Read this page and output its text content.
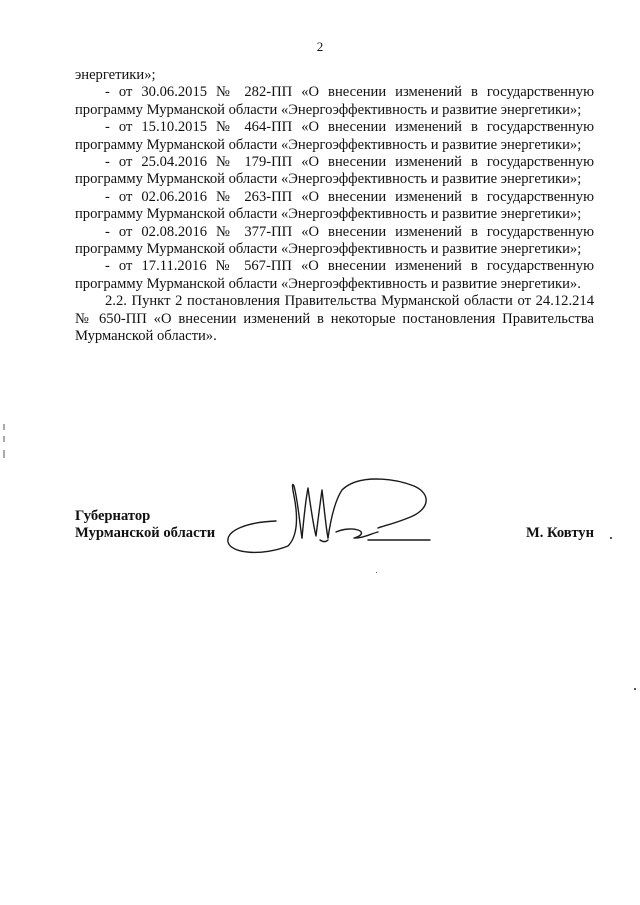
2

энергетики»;

- от 30.06.2015 № 282-ПП «О внесении изменений в государственную программу Мурманской области «Энергоэффективность и развитие энергетики»;

- от 15.10.2015 № 464-ПП «О внесении изменений в государственную программу Мурманской области «Энергоэффективность и развитие энергетики»;

- от 25.04.2016 № 179-ПП «О внесении изменений в государственную программу Мурманской области «Энергоэффективность и развитие энергетики»;

- от 02.06.2016 № 263-ПП «О внесении изменений в государственную программу Мурманской области «Энергоэффективность и развитие энергетики»;

- от 02.08.2016 № 377-ПП «О внесении изменений в государственную программу Мурманской области «Энергоэффективность и развитие энергетики»;

- от 17.11.2016 № 567-ПП «О внесении изменений в государственную программу Мурманской области «Энергоэффективность и развитие энергетики».

2.2. Пункт 2 постановления Правительства Мурманской области от 24.12.214 № 650-ПП «О внесении изменений в некоторые постановления Правительства Мурманской области».

Губернатор
Мурманской области	М. Ковтун
